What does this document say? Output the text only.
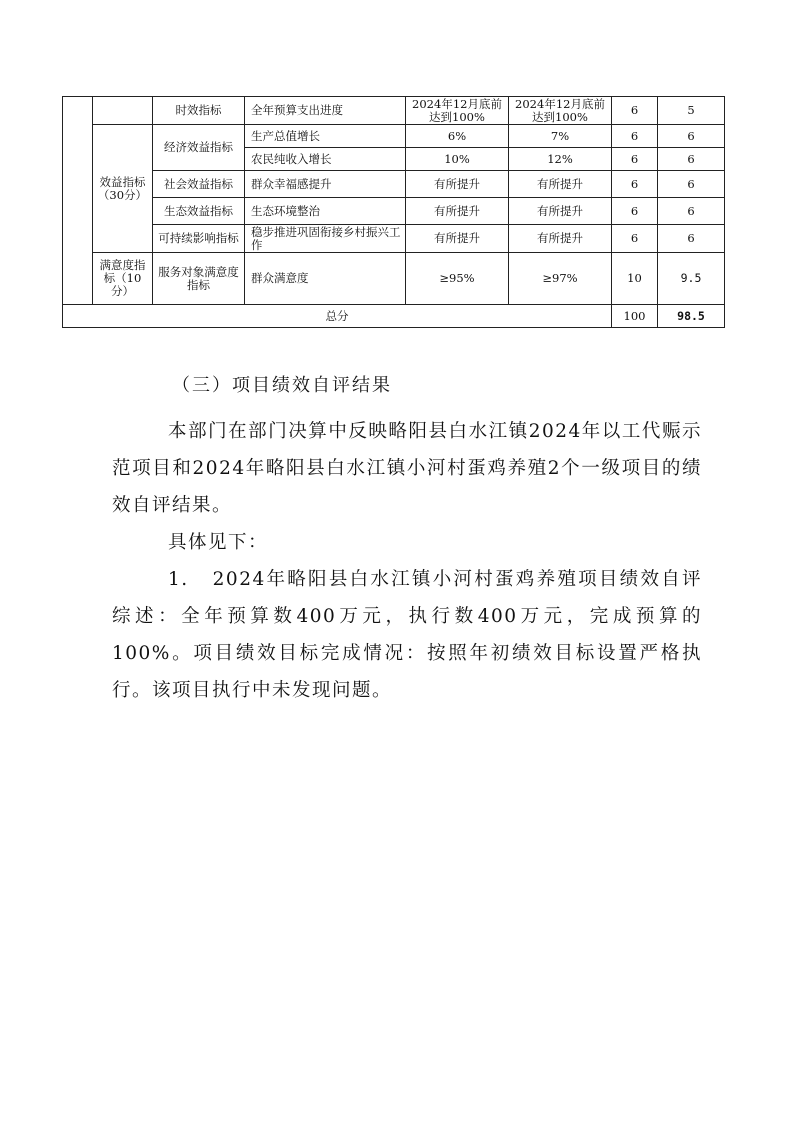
		时效指标	全年预算支出进度	2024年12月底前达到100%	2024年12月底前达到100%	6	5
	效益指标（30分）	经济效益指标	生产总值增长	6%	7%	6	6
			农民纯收入增长	10%	12%	6	6
		社会效益指标	群众幸福感提升	有所提升	有所提升	6	6
		生态效益指标	生态环境整治	有所提升	有所提升	6	6
		可持续影响指标	稳步推进巩固衔接乡村振兴工作	有所提升	有所提升	6	6
	满意度指标（10分）	服务对象满意度指标	群众满意度	≥95%	≥97%	10	9.5
总分						100	98.5
（三）项目绩效自评结果

本部门在部门决算中反映略阳县白水江镇2024年以工代赈示范项目和2024年略阳县白水江镇小河村蛋鸡养殖2个一级项目的绩效自评结果。

具体见下：

1. 2024年略阳县白水江镇小河村蛋鸡养殖项目绩效自评综述：全年预算数400万元，执行数400万元，完成预算的100%。项目绩效目标完成情况：按照年初绩效目标设置严格执行。该项目执行中未发现问题。
